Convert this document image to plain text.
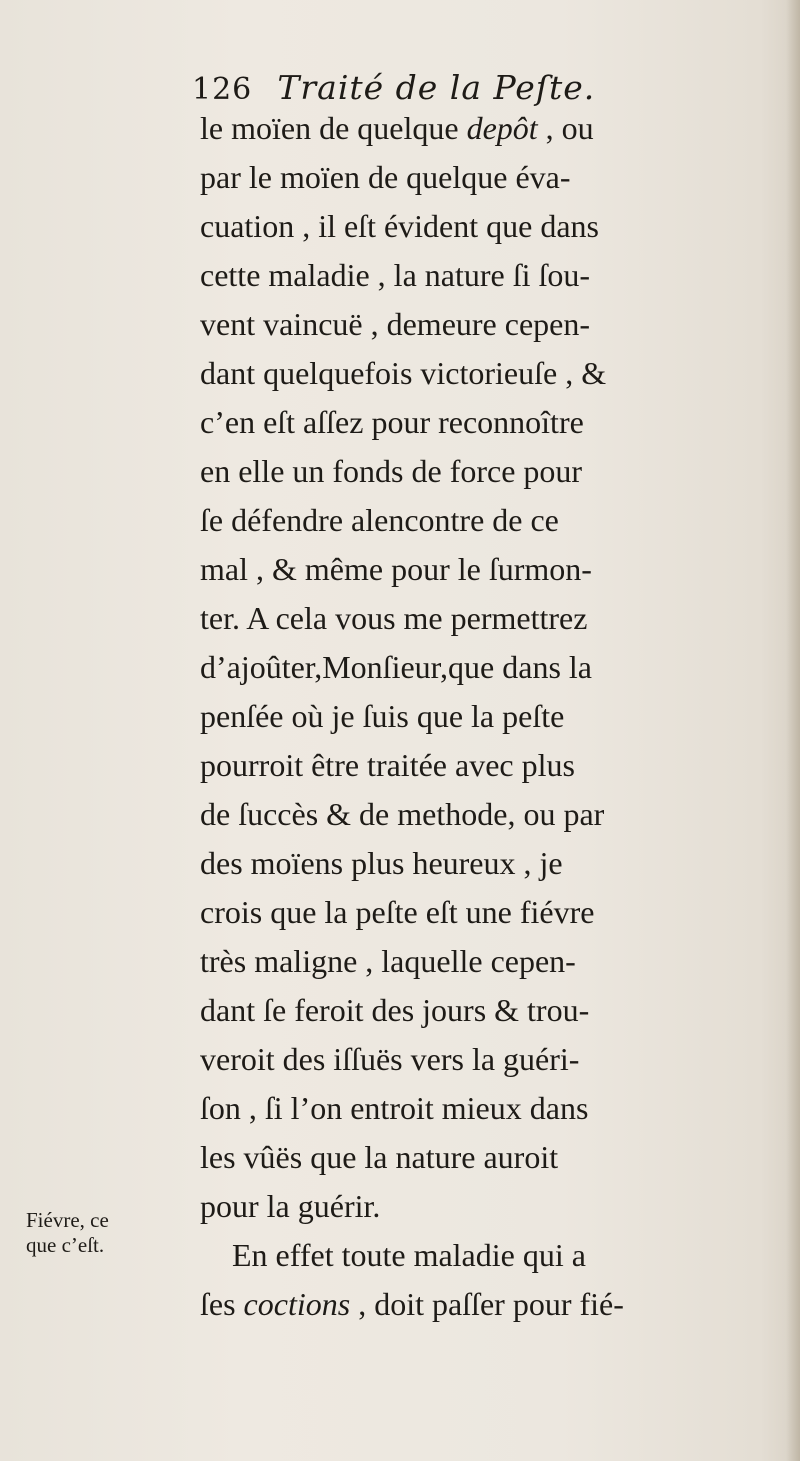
126 Traité de la Peſte.
le moïen de quelque depôt , ou
par le moïen de quelque éva-
cuation , il eſt évident que dans
cette maladie , la nature ſi ſou-
vent vaincuë , demeure cepen-
dant quelquefois victorieuſe , &
c’en eſt aſſez pour reconnoître
en elle un fonds de force pour
ſe défendre alencontre de ce
mal , & même pour le ſurmon-
ter. A cela vous me permettrez
d’ajoûter,Monſieur,que dans la
penſée où je ſuis que la peſte
pourroit être traitée avec plus
de ſuccès & de methode, ou par
des moïens plus heureux , je
crois que la peſte eſt une fiévre
très maligne , laquelle cepen-
dant ſe feroit des jours & trou-
veroit des iſſuës vers la guéri-
ſon , ſi l’on entroit mieux dans
les vûës que la nature auroit
pour la guérir.
En effet toute maladie qui a
ſes coctions , doit paſſer pour fié-
Fiévre, ce
que c’eſt.
